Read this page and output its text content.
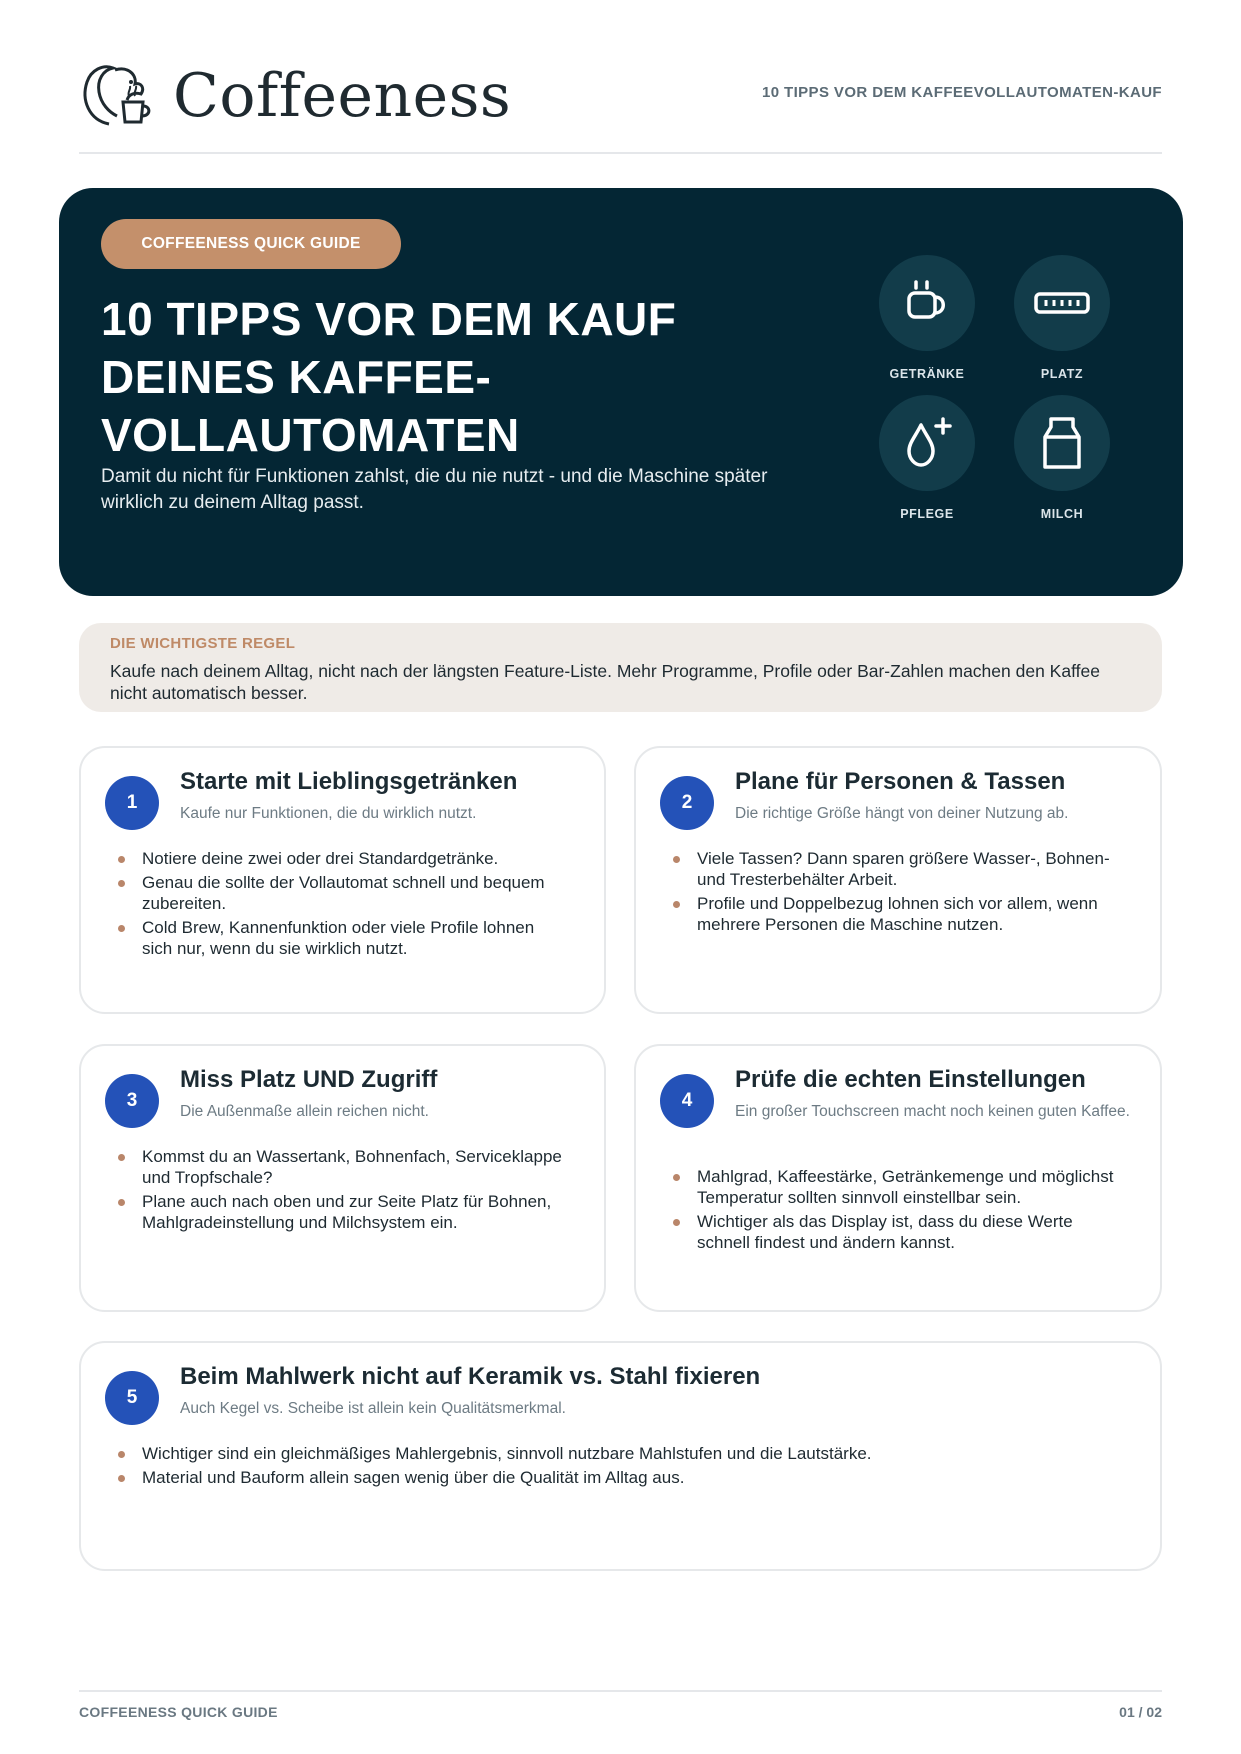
Coffeeness	10 TIPPS VOR DEM KAFFEEVOLLAUTOMATEN-KAUF
COFFEENESS QUICK GUIDE
10 TIPPS VOR DEM KAUF
DEINES KAFFEE-
VOLLAUTOMATEN
Damit du nicht für Funktionen zahlst, die du nie nutzt - und die Maschine später wirklich zu deinem Alltag passt.
GETRÄNKE	PLATZ
PFLEGE	MILCH
DIE WICHTIGSTE REGEL
Kaufe nach deinem Alltag, nicht nach der längsten Feature-Liste. Mehr Programme, Profile oder Bar-Zahlen machen den Kaffee nicht automatisch besser.
1
Starte mit Lieblingsgetränken
Kaufe nur Funktionen, die du wirklich nutzt.
Notiere deine zwei oder drei Standardgetränke.
Genau die sollte der Vollautomat schnell und bequem zubereiten.
Cold Brew, Kannenfunktion oder viele Profile lohnen sich nur, wenn du sie wirklich nutzt.
2
Plane für Personen & Tassen
Die richtige Größe hängt von deiner Nutzung ab.
Viele Tassen? Dann sparen größere Wasser-, Bohnen- und Tresterbehälter Arbeit.
Profile und Doppelbezug lohnen sich vor allem, wenn mehrere Personen die Maschine nutzen.
3
Miss Platz UND Zugriff
Die Außenmaße allein reichen nicht.
Kommst du an Wassertank, Bohnenfach, Serviceklappe und Tropfschale?
Plane auch nach oben und zur Seite Platz für Bohnen, Mahlgradeinstellung und Milchsystem ein.
4
Prüfe die echten Einstellungen
Ein großer Touchscreen macht noch keinen guten Kaffee.
Mahlgrad, Kaffeestärke, Getränkemenge und möglichst Temperatur sollten sinnvoll einstellbar sein.
Wichtiger als das Display ist, dass du diese Werte schnell findest und ändern kannst.
5
Beim Mahlwerk nicht auf Keramik vs. Stahl fixieren
Auch Kegel vs. Scheibe ist allein kein Qualitätsmerkmal.
Wichtiger sind ein gleichmäßiges Mahlergebnis, sinnvoll nutzbare Mahlstufen und die Lautstärke.
Material und Bauform allein sagen wenig über die Qualität im Alltag aus.
COFFEENESS QUICK GUIDE	01 / 02
